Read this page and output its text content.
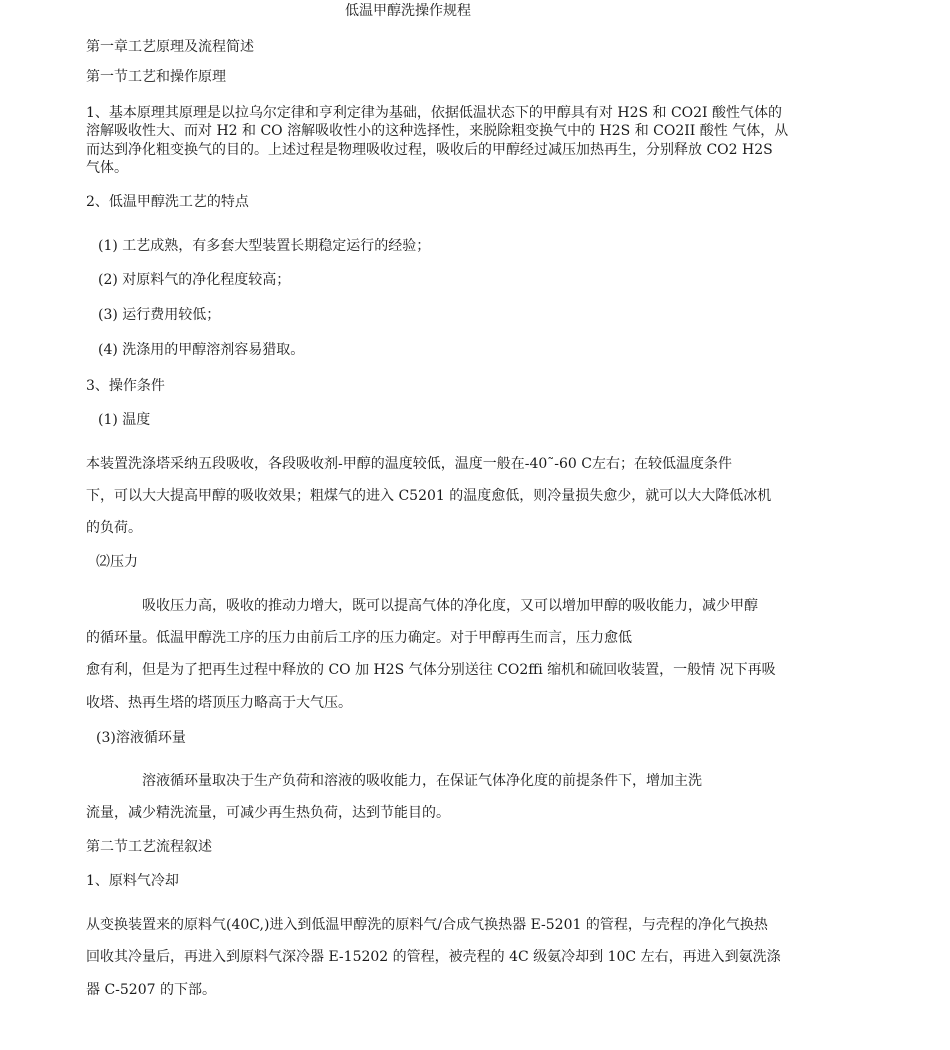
低温甲醇洗操作规程
第一章工艺原理及流程简述
第一节工艺和操作原理
1、基本原理其原理是以拉乌尔定律和亨利定律为基础，依据低温状态下的甲醇具有对 H2S 和 CO2I 酸性气体的
溶解吸收性大、而对 H2 和 CO 溶解吸收性小的这种选择性，来脱除粗变换气中的 H2S 和 CO2II 酸性 气体，从
而达到净化粗变换气的目的。上述过程是物理吸收过程，吸收后的甲醇经过减压加热再生，分别释放 CO2 H2S
气体。
2、低温甲醇洗工艺的特点
(1) 工艺成熟，有多套大型装置长期稳定运行的经验；
(2) 对原料气的净化程度较高；
(3) 运行费用较低；
(4) 洗涤用的甲醇溶剂容易猎取。
3、操作条件
(1) 温度
本装置洗涤塔采纳五段吸收，各段吸收剂-甲醇的温度较低，温度一般在-40˜-60 C左右；在较低温度条件
下，可以大大提高甲醇的吸收效果；粗煤气的进入 C5201 的温度愈低，则冷量损失愈少，就可以大大降低冰机
的负荷。
⑵压力
吸收压力高，吸收的推动力增大，既可以提高气体的净化度，又可以增加甲醇的吸收能力，减少甲醇
的循环量。低温甲醇洗工序的压力由前后工序的压力确定。对于甲醇再生而言，压力愈低
愈有利，但是为了把再生过程中释放的 CO 加 H2S 气体分别送往 CO2ffi 缩机和硫回收装置，一般情 况下再吸
收塔、热再生塔的塔顶压力略高于大气压。
(3)溶液循环量
溶液循环量取决于生产负荷和溶液的吸收能力，在保证气体净化度的前提条件下，增加主洗
流量，减少精洗流量，可减少再生热负荷，达到节能目的。
第二节工艺流程叙述
1、原料气冷却
从变换装置来的原料气(40C,)进入到低温甲醇洗的原料气/合成气换热器 E-5201 的管程，与壳程的净化气换热
回收其冷量后，再进入到原料气深冷器 E-15202 的管程，被壳程的 4C 级氨冷却到 10C 左右，再进入到氨洗涤
器 C-5207 的下部。
